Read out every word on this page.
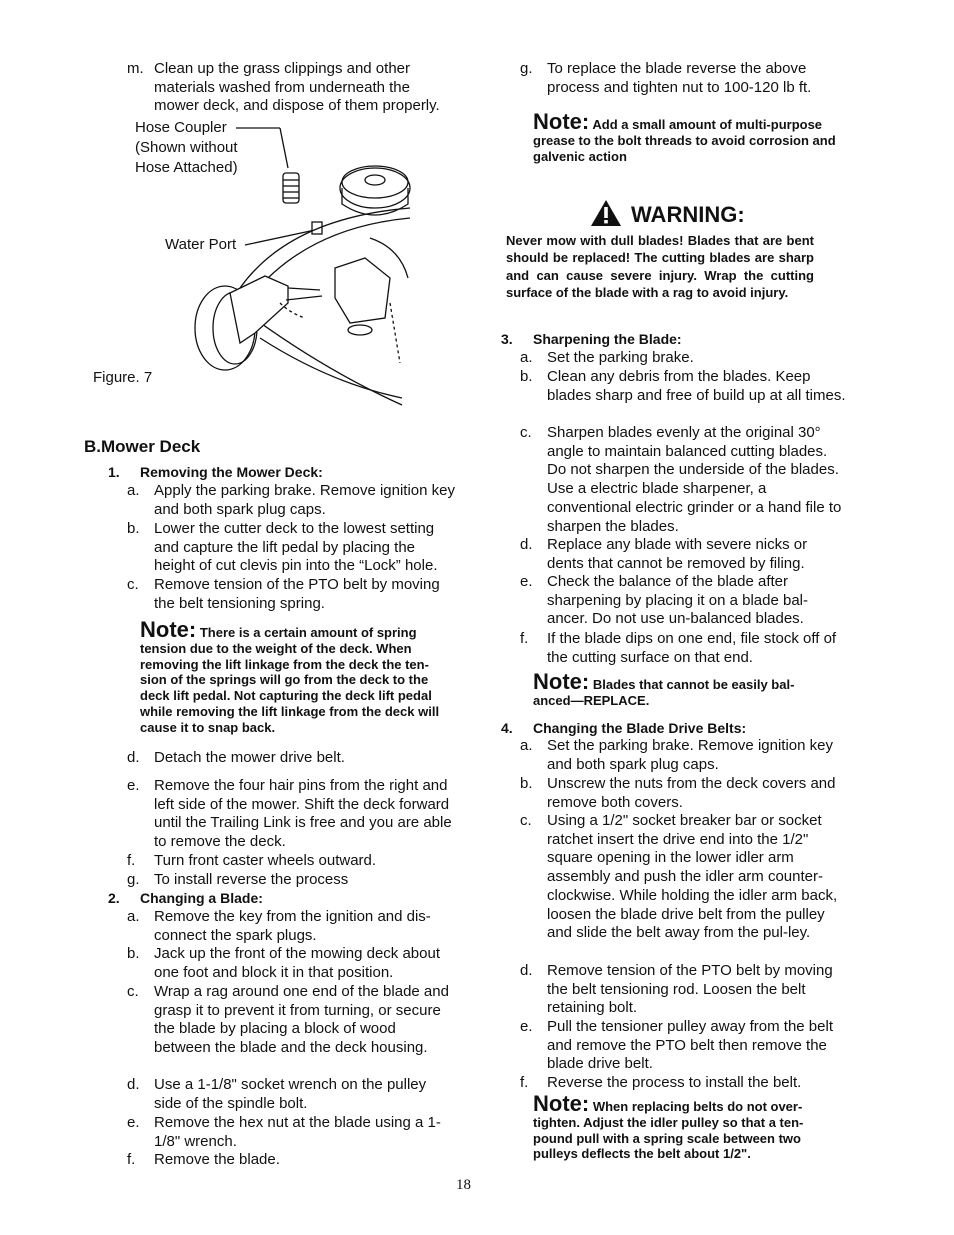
m. Clean up the grass clippings and other materials washed from underneath the mower deck, and dispose of them properly.
Hose Coupler
(Shown without
Hose Attached)
Water Port
Figure. 7
B.Mower Deck
1. Removing the Mower Deck:
a. Apply the parking brake. Remove ignition key and both spark plug caps.
b. Lower the cutter deck to the lowest setting and capture the lift pedal by placing the height of cut clevis pin into the “Lock” hole.
c. Remove tension of the PTO belt by moving the belt tensioning spring.
Note: There is a certain amount of spring tension due to the weight of the deck. When removing the lift linkage from the deck the ten-sion of the springs will go from the deck to the deck lift pedal. Not capturing the deck lift pedal while removing the lift linkage from the deck will cause it to snap back.
d. Detach the mower drive belt.
e. Remove the four hair pins from the right and left side of the mower. Shift the deck forward until the Trailing Link is free and you are able to remove the deck.
f. Turn front caster wheels outward.
g. To install reverse the process
2. Changing a Blade:
a. Remove the key from the ignition and dis-connect the spark plugs.
b. Jack up the front of the mowing deck about one foot and block it in that position.
c. Wrap a rag around one end of the blade and grasp it to prevent it from turning, or secure the blade by placing a block of wood between the blade and the deck housing.
d. Use a 1-1/8" socket wrench on the pulley side of the spindle bolt.
e. Remove the hex nut at the blade using a 1-1/8" wrench.
f. Remove the blade.
g. To replace the blade reverse the above process and tighten nut to 100-120 lb ft.
Note: Add a small amount of multi-purpose grease to the bolt threads to avoid corrosion and galvenic action
WARNING:
Never mow with dull blades! Blades that are bent should be replaced! The cutting blades are sharp and can cause severe injury. Wrap the cutting surface of the blade with a rag to avoid injury.
3. Sharpening the Blade:
a. Set the parking brake.
b. Clean any debris from the blades. Keep blades sharp and free of build up at all times.
c. Sharpen blades evenly at the original 30° angle to maintain balanced cutting blades. Do not sharpen the underside of the blades. Use a electric blade sharpener, a conventional electric grinder or a hand file to sharpen the blades.
d. Replace any blade with severe nicks or dents that cannot be removed by filing.
e. Check the balance of the blade after sharpening by placing it on a blade bal-ancer. Do not use un-balanced blades.
f. If the blade dips on one end, file stock off of the cutting surface on that end.
Note: Blades that cannot be easily bal-anced—REPLACE.
4. Changing the Blade Drive Belts:
a. Set the parking brake. Remove ignition key and both spark plug caps.
b. Unscrew the nuts from the deck covers and remove both covers.
c. Using a 1/2" socket breaker bar or socket ratchet insert the drive end into the 1/2" square opening in the lower idler arm assembly and push the idler arm counter-clockwise. While holding the idler arm back, loosen the blade drive belt from the pulley and slide the belt away from the pul-ley.
d. Remove tension of the PTO belt by moving the belt tensioning rod. Loosen the belt retaining bolt.
e. Pull the tensioner pulley away from the belt and remove the PTO belt then remove the blade drive belt.
f. Reverse the process to install the belt.
Note: When replacing belts do not over-tighten. Adjust the idler pulley so that a ten-pound pull with a spring scale between two pulleys deflects the belt about 1/2".
18
